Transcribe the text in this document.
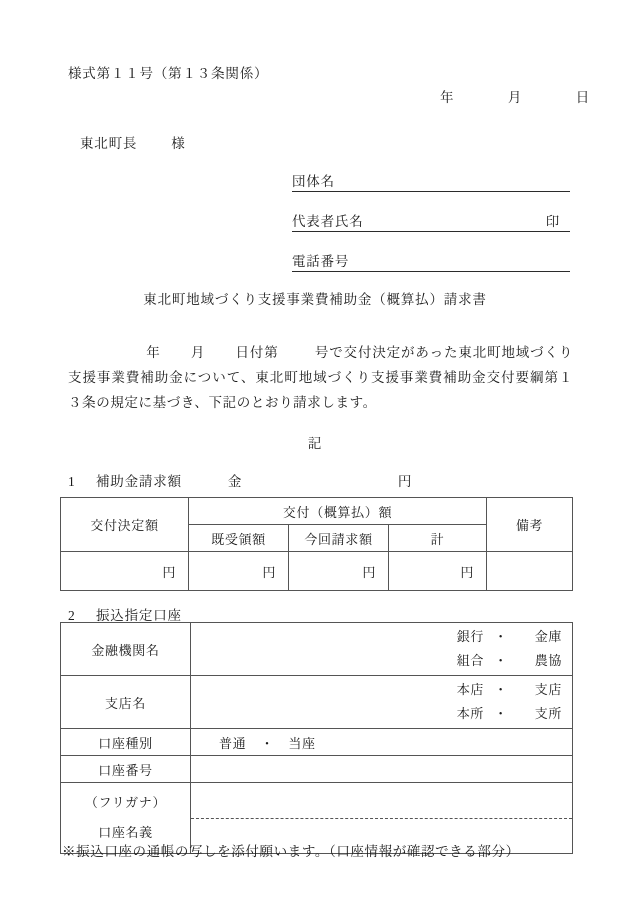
様式第１１号（第１３条関係）
年	月	日
東北町長	様
団体名
代表者氏名	印
電話番号
東北町地域づくり支援事業費補助金（概算払）請求書
年 月 日付第	号で交付決定があった東北町地域づくり支援事業費補助金について、東北町地域づくり支援事業費補助金交付要綱第１３条の規定に基づき、下記のとおり請求します。
記
1 補助金請求額	金	円
交付決定額	交付（概算払）額			備考
	既受領額	今回請求額	計	
円	円	円	円	
2 振込指定口座
金融機関名	
銀行 ・	金庫
組合 ・	農協

支店名	
本店 ・	支店
本所 ・	支所

口座種別	普通 ・ 当座

口座番号	

（フリガナ）
口座名義	

※振込口座の通帳の写しを添付願います。（口座情報が確認できる部分）
